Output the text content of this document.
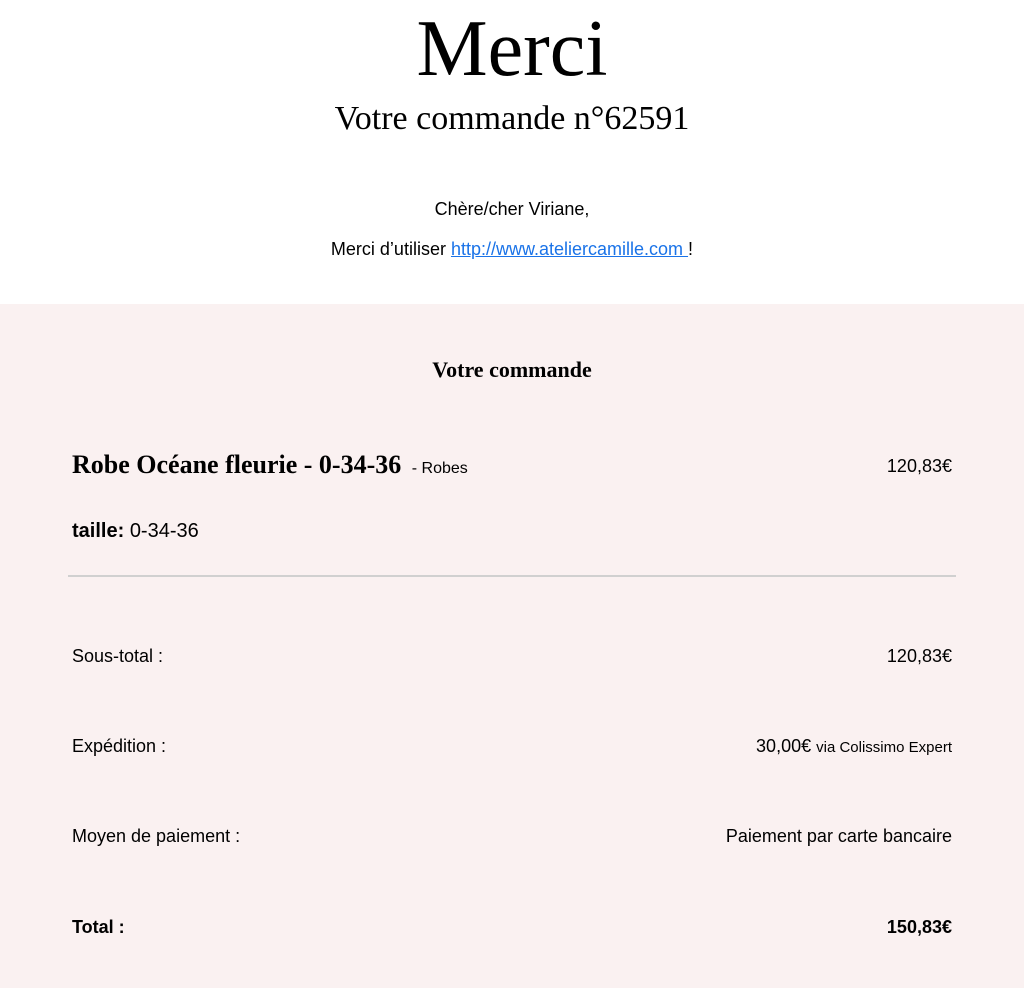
Merci
Votre commande n°62591
Chère/cher Viriane,
Merci d’utiliser http://www.ateliercamille.com !
Votre commande
Robe Océane fleurie - 0-34-36 - Robes	120,83€
taille: 0-34-36
Sous-total :	120,83€
Expédition :	30,00€ via Colissimo Expert
Moyen de paiement :	Paiement par carte bancaire
Total :	150,83€
